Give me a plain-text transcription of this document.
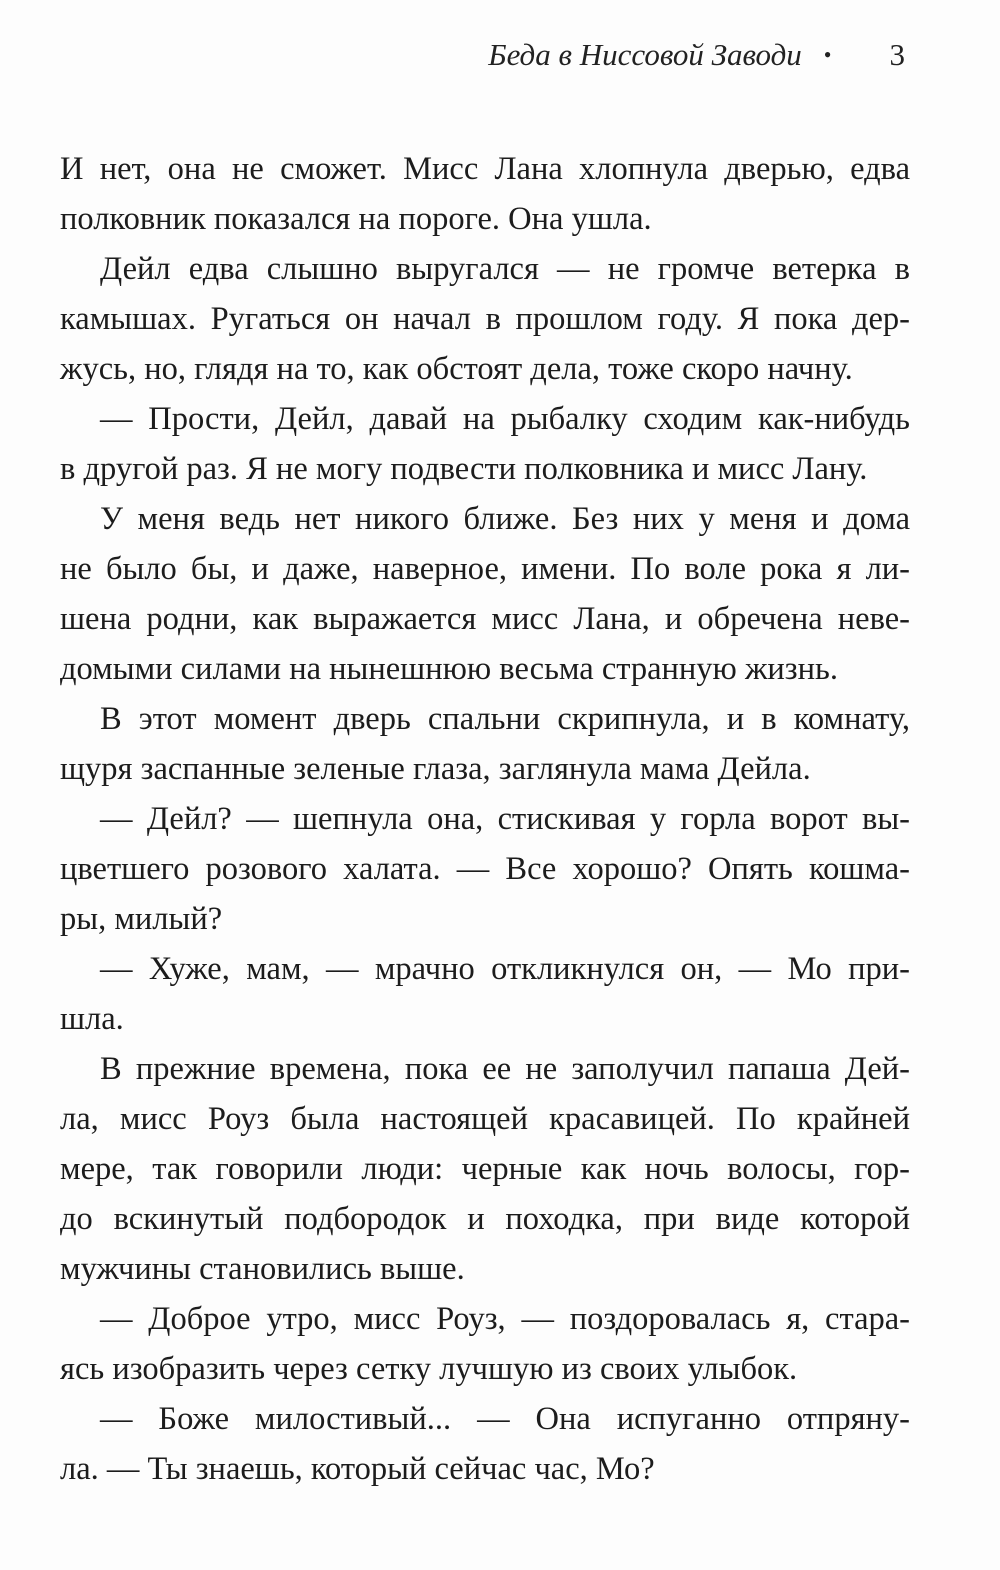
Беда в Ниссовой Заводи • 3
И нет, она не сможет. Мисс Лана хлопнула дверью, едва
полковник показался на пороге. Она ушла.
Дейл едва слышно выругался — не громче ветерка в
камышах. Ругаться он начал в прошлом году. Я пока дер-
жусь, но, глядя на то, как обстоят дела, тоже скоро начну.
— Прости, Дейл, давай на рыбалку сходим как-нибудь
в другой раз. Я не могу подвести полковника и мисс Лану.
У меня ведь нет никого ближе. Без них у меня и дома
не было бы, и даже, наверное, имени. По воле рока я ли-
шена родни, как выражается мисс Лана, и обречена неве-
домыми силами на нынешнюю весьма странную жизнь.
В этот момент дверь спальни скрипнула, и в комнату,
щуря заспанные зеленые глаза, заглянула мама Дейла.
— Дейл? — шепнула она, стискивая у горла ворот вы-
цветшего розового халата. — Все хорошо? Опять кошма-
ры, милый?
— Хуже, мам, — мрачно откликнулся он, — Мо при-
шла.
В прежние времена, пока ее не заполучил папаша Дей-
ла, мисс Роуз была настоящей красавицей. По крайней
мере, так говорили люди: черные как ночь волосы, гор-
до вскинутый подбородок и походка, при виде которой
мужчины становились выше.
— Доброе утро, мисс Роуз, — поздоровалась я, стара-
ясь изобразить через сетку лучшую из своих улыбок.
— Боже милостивый... — Она испуганно отпряну-
ла. — Ты знаешь, который сейчас час, Мо?
